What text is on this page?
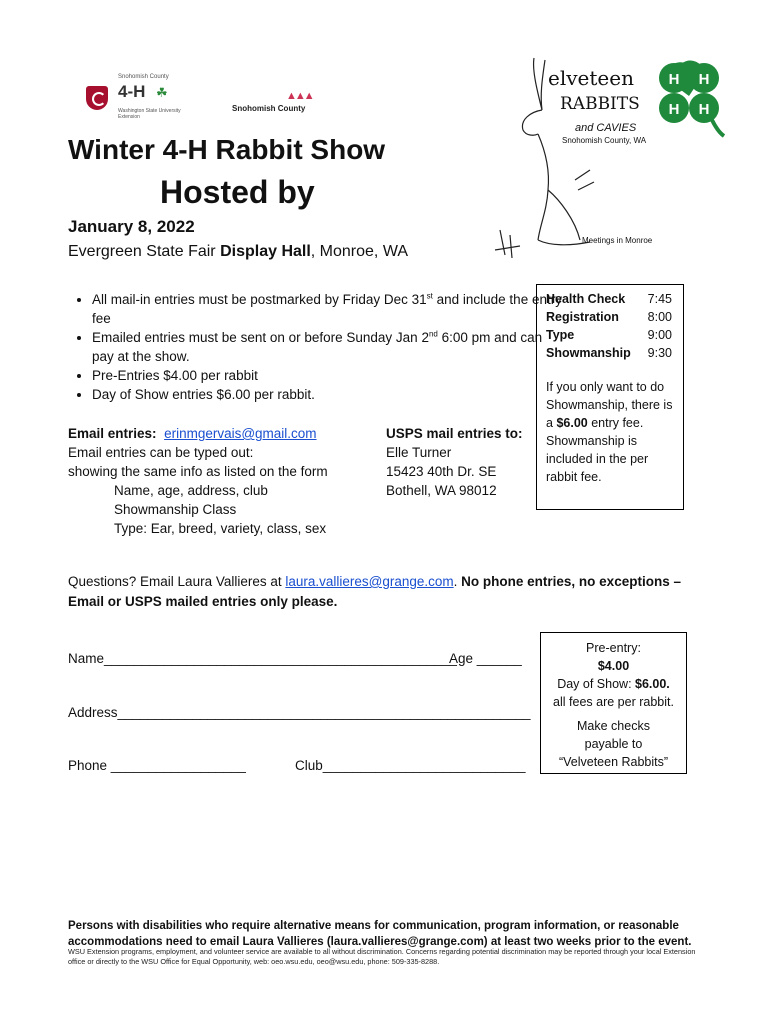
Snohomish County
4-H ☘
Washington State University
Extension
▲▲▲
Snohomish County
elveteen
RABBITS
and CAVIES
Snohomish County, WA
Meetings in Monroe
H H
H H
Winter 4-H Rabbit Show
Hosted by
January 8, 2022
Evergreen State Fair Display Hall, Monroe, WA
• All mail-in entries must be postmarked by Friday Dec 31st and include the entry fee
• Emailed entries must be sent on or before Sunday Jan 2nd 6:00 pm and can pay at the show.
• Pre-Entries $4.00 per rabbit
• Day of Show entries $6.00 per rabbit.
Health Check 7:45
Registration 8:00
Type	9:00
Showmanship 9:30
If you only want to do Showmanship, there is a $6.00 entry fee. Showmanship is included in the per rabbit fee.
Email entries: erinmgervais@gmail.com
Email entries can be typed out:
showing the same info as listed on the form
Name, age, address, club
Showmanship Class
Type: Ear, breed, variety, class, sex
USPS mail entries to:
Elle Turner
15423 40th Dr. SE
Bothell, WA 98012
Questions? Email Laura Vallieres at laura.vallieres@grange.com. No phone entries, no exceptions –
Email or USPS mailed entries only please.
Name_______________________________________________
Age ______
Address_______________________________________________________
Phone __________________	Club___________________________
Pre-entry:
$4.00
Day of Show: $6.00.
all fees are per rabbit.
Make checks payable to “Velveteen Rabbits”
Persons with disabilities who require alternative means for communication, program information, or reasonable accommodations need to email Laura Vallieres (laura.vallieres@grange.com) at least two weeks prior to the event.
WSU Extension programs, employment, and volunteer service are available to all without discrimination. Concerns regarding potential discrimination may be reported through your local Extension office or directly to the WSU Office for Equal Opportunity, web: oeo.wsu.edu, oeo@wsu.edu, phone: 509-335-8288.
